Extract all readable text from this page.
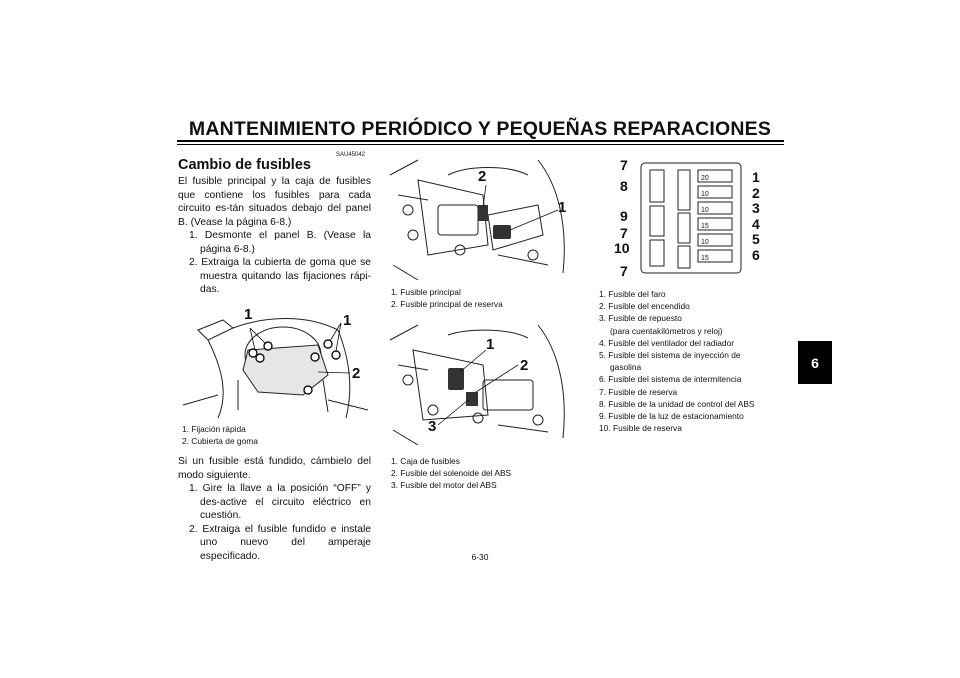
MANTENIMIENTO PERIÓDICO Y PEQUEÑAS REPARACIONES
6
SAU45042
Cambio de fusibles
El fusible principal y la caja de fusibles que contiene los fusibles para cada circuito es-tán situados debajo del panel B. (Vease la página 6-8.)
1. Desmonte el panel B. (Vease la página 6-8.)
2. Extraiga la cubierta de goma que se muestra quitando las fijaciones rápi-das.
1	1
2
1. Fijación rápida
2. Cubierta de goma
Si un fusible está fundido, cámbielo del modo siguiente.
1. Gire la llave a la posición “OFF” y des-active el circuito eléctrico en cuestión.
2. Extraiga el fusible fundido e instale uno nuevo del amperaje especificado.
2
1
1. Fusible principal
2. Fusible principal de reserva
1
2
3
1. Caja de fusibles
2. Fusible del solenoide del ABS
3. Fusible del motor del ABS
20
10
10
15
10
15
7
8
9
7
10
7
1
2
3
4
5
6
1. Fusible del faro
2. Fusible del encendido
3. Fusible de repuesto
(para cuentakilómetros y reloj)
4. Fusible del ventilador del radiador
5. Fusible del sistema de inyección de
gasolina
6. Fusible del sistema de intermitencia
7. Fusible de reserva
8. Fusible de la unidad de control del ABS
9. Fusible de la luz de estacionamiento
10. Fusible de reserva
6-30
